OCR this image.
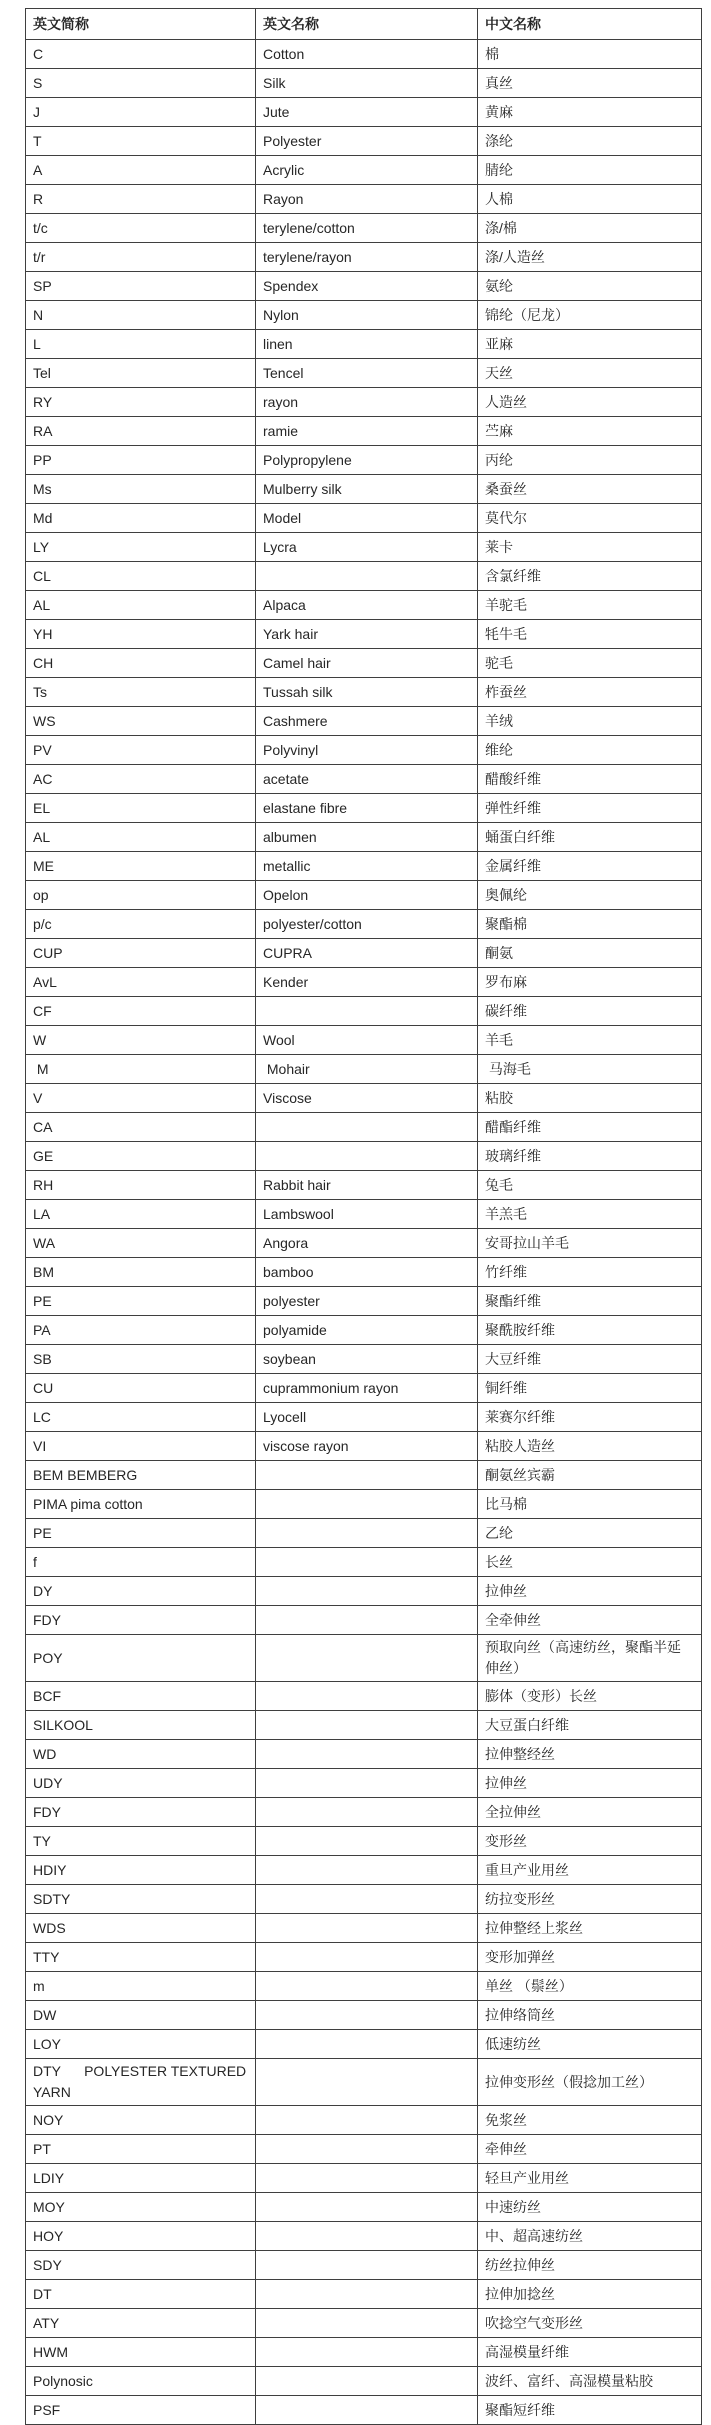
英文简称	英文名称	中文名称
C	Cotton	棉
S	Silk	真丝
J	Jute	黄麻
T	Polyester	涤纶
A	Acrylic	腈纶
R	Rayon	人棉
t/c	terylene/cotton	涤/棉
t/r	terylene/rayon	涤/人造丝
SP	Spendex	氨纶
N	Nylon	锦纶（尼龙）
L	linen	亚麻
Tel	Tencel	天丝
RY	rayon	人造丝
RA	ramie	苎麻
PP	Polypropylene	丙纶
Ms	Mulberry silk	桑蚕丝
Md	Model	莫代尔
LY	Lycra	莱卡
CL		含氯纤维
AL	Alpaca	羊驼毛
YH	Yark hair	牦牛毛
CH	Camel hair	驼毛
Ts	Tussah silk	柞蚕丝
WS	Cashmere	羊绒
PV	Polyvinyl	维纶
AC	acetate	醋酸纤维
EL	elastane fibre	弹性纤维
AL	albumen	蛹蛋白纤维
ME	metallic	金属纤维
op	Opelon	奥佩纶
p/c	polyester/cotton	聚酯棉
CUP	CUPRA	酮氨
AvL	Kender	罗布麻
CF		碳纤维
W	Wool	羊毛
M	Mohair	马海毛
V	Viscose	粘胶
CA		醋酯纤维
GE		玻璃纤维
RH	Rabbit hair	兔毛
LA	Lambswool	羊羔毛
WA	Angora	安哥拉山羊毛
BM	bamboo	竹纤维
PE	polyester	聚酯纤维
PA	polyamide	聚酰胺纤维
SB	soybean	大豆纤维
CU	cuprammonium rayon	铜纤维
LC	Lyocell	莱赛尔纤维
VI	viscose rayon	粘胶人造丝
BEM BEMBERG		酮氨丝宾霸
PIMA pima cotton		比马棉
PE		乙纶
f		长丝
DY		拉伸丝
FDY		全牵伸丝
POY		预取向丝（高速纺丝，聚酯半延伸丝）
BCF		膨体（变形）长丝
SILKOOL		大豆蛋白纤维
WD		拉伸整经丝
UDY		拉伸丝
FDY		全拉伸丝
TY		变形丝
HDIY		重旦产业用丝
SDTY		纺拉变形丝
WDS		拉伸整经上浆丝
TTY		变形加弹丝
m		单丝 （鬃丝）
DW		拉伸络筒丝
LOY		低速纺丝
DTY      POLYESTER TEXTURED  YARN		拉伸变形丝（假捻加工丝）
NOY		免浆丝
PT		牵伸丝
LDIY		轻旦产业用丝
MOY		中速纺丝
HOY		中、超高速纺丝
SDY		纺丝拉伸丝
DT		拉伸加捻丝
ATY		吹捻空气变形丝
HWM		高湿模量纤维
Polynosic		波纤、富纤、高湿模量粘胶
PSF		聚酯短纤维
